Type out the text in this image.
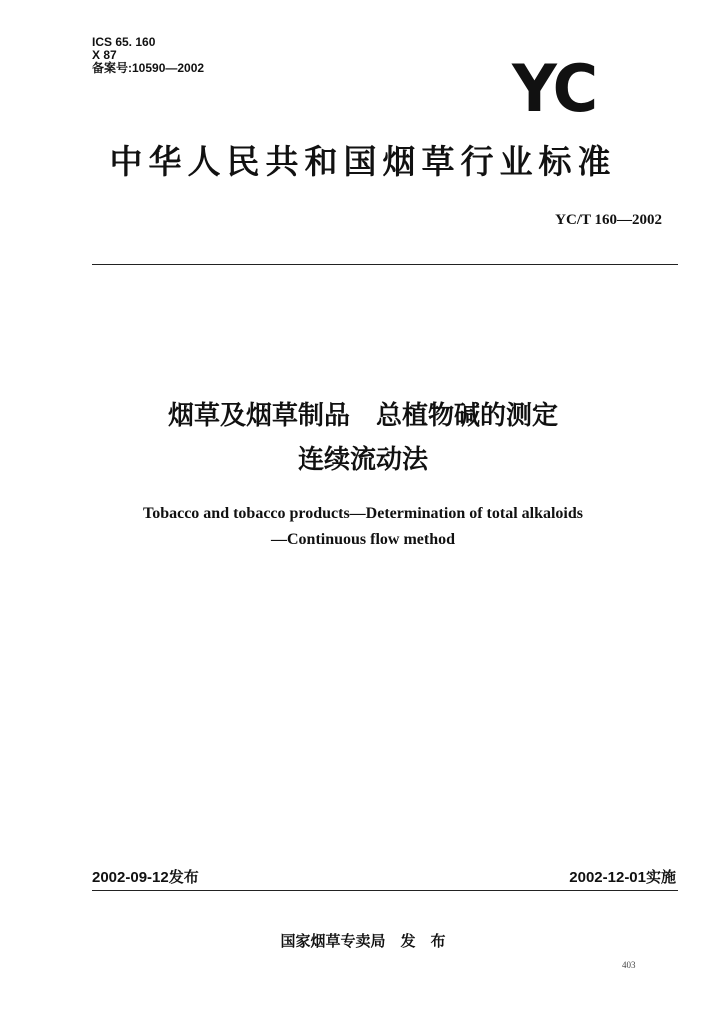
ICS 65. 160
X 87
备案号:10590—2002	YC
中华人民共和国烟草行业标准
YC/T 160—2002
烟草及烟草制品　总植物碱的测定
连续流动法
Tobacco and tobacco products—Determination of total alkaloids
—Continuous flow method
2002-09-12发布	2002-12-01实施
国家烟草专卖局　发　布
403
